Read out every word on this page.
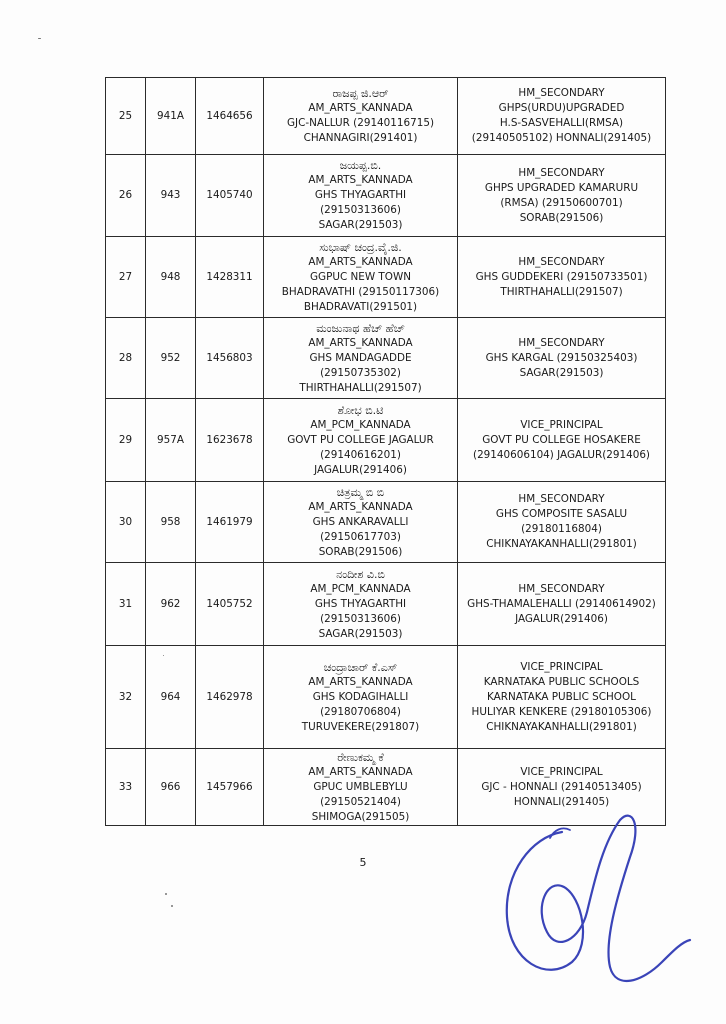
25	941A	1464656	ರಾಜಪ್ಪ ಜಿ.ಆರ್
AM_ARTS_KANNADA
GJC-NALLUR (29140116715)
CHANNAGIRI(291401)	HM_SECONDARY
GHPS(URDU)UPGRADED
H.S-SASVEHALLI(RMSA)
(29140505102) HONNALI(291405)

26	943	1405740	ಜಯಪ್ಪ.ಬಿ.
AM_ARTS_KANNADA
GHS THYAGARTHI
(29150313606)
SAGAR(291503)	HM_SECONDARY
GHPS UPGRADED KAMARURU
(RMSA) (29150600701)
SORAB(291506)

27	948	1428311	ಸುಭಾಷ್ ಚಂದ್ರ.ವೈ.ಜಿ.
AM_ARTS_KANNADA
GGPUC NEW TOWN
BHADRAVATHI (29150117306)
BHADRAVATI(291501)	HM_SECONDARY
GHS GUDDEKERI (29150733501)
THIRTHAHALLI(291507)

28	952	1456803	ಮಂಜುನಾಥ ಹೆಚ್ ಹೆಚ್
AM_ARTS_KANNADA
GHS MANDAGADDE
(29150735302)
THIRTHAHALLI(291507)	HM_SECONDARY
GHS KARGAL (29150325403)
SAGAR(291503)

29	957A	1623678	ಶೋಭ ಬಿ.ಟಿ
AM_PCM_KANNADA
GOVT PU COLLEGE JAGALUR
(29140616201)
JAGALUR(291406)	VICE_PRINCIPAL
GOVT PU COLLEGE HOSAKERE
(29140606104) JAGALUR(291406)

30	958	1461979	ಚಿತ್ರಮ್ಮ ಬಿ ಬಿ
AM_ARTS_KANNADA
GHS ANKARAVALLI
(29150617703)
SORAB(291506)	HM_SECONDARY
GHS COMPOSITE SASALU
(29180116804)
CHIKNAYAKANHALLI(291801)

31	962	1405752	ನಂದೀಶ ವಿ.ಬಿ
AM_PCM_KANNADA
GHS THYAGARTHI
(29150313606)
SAGAR(291503)	HM_SECONDARY
GHS-THAMALEHALLI (29140614902)
JAGALUR(291406)

32	964	1462978	ಚಂದ್ರಾಚಾರ್ ಕೆ.ಎಸ್
AM_ARTS_KANNADA
GHS KODAGIHALLI
(29180706804)
TURUVEKERE(291807)	VICE_PRINCIPAL
KARNATAKA PUBLIC SCHOOLS
KARNATAKA PUBLIC SCHOOL
HULIYAR KENKERE (29180105306)
CHIKNAYAKANHALLI(291801)

33	966	1457966	ರೇಣುಕಮ್ಮ ಕೆ
AM_ARTS_KANNADA
GPUC UMBLEBYLU
(29150521404)
SHIMOGA(291505)	VICE_PRINCIPAL
GJC - HONNALI (29140513405)
HONNALI(291405)
5
